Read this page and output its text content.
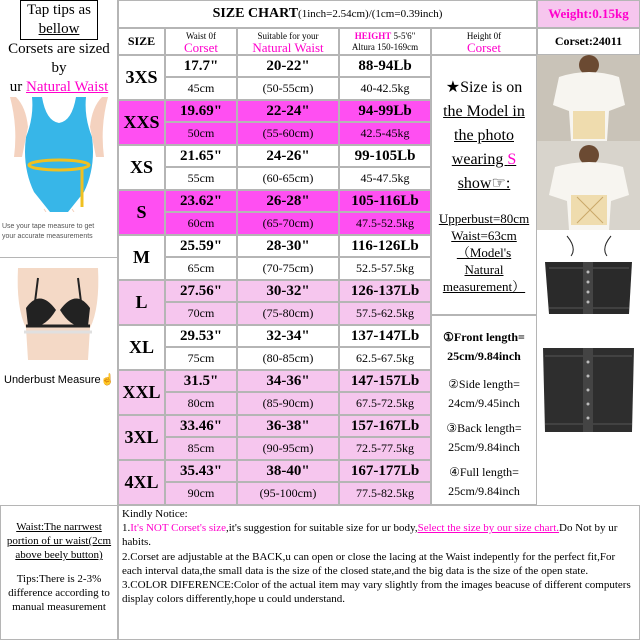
Tap tips as
bellow
Corsets are sized
by
ur Natural Waist
Use your tape measure to get
your accurate measurements
Underbust Measure☝
SIZE CHART(1inch=2.54cm)/(1cm=0.39inch)	Weight:0.15kg
Corset:24011
SIZE	Waist 0f
Corset
Suitable for your
Natural Waist
HEIGHT 5-5'6"
Altura 150-169cm
Height 0f
Corset
3XS
17.7"
45cm
20-22"
(50-55cm)
88-94Lb
40-42.5kg
XXS
19.69"
50cm
22-24"
(55-60cm)
94-99Lb
42.5-45kg
XS
21.65"
55cm
24-26"
(60-65cm)
99-105Lb
45-47.5kg
S
23.62"
60cm
26-28"
(65-70cm)
105-116Lb
47.5-52.5kg
M
25.59"
65cm
28-30"
(70-75cm)
116-126Lb
52.5-57.5kg
L
27.56"
70cm
30-32"
(75-80cm)
126-137Lb
57.5-62.5kg
XL
29.53"
75cm
32-34"
(80-85cm)
137-147Lb
62.5-67.5kg
XXL
31.5"
80cm
34-36"
(85-90cm)
147-157Lb
67.5-72.5kg
3XL
33.46"
85cm
36-38"
(90-95cm)
157-167Lb
72.5-77.5kg
4XL
35.43"
90cm
38-40"
(95-100cm)
167-177Lb
77.5-82.5kg
★Size is on
the Model in
the photo
wearing S
show☞:
Upperbust=80cm
Waist=63cm
（Model's
Natural
measurement）
①Front length=
25cm/9.84inch
②Side length=
24cm/9.45inch
③Back length=
25cm/9.84inch
④Full length=
25cm/9.84inch
Waist:The narrwest
portion of ur waist(2cm
above beely button)
Tips:There is 2-3% difference according to manual measurement
Kindly Notice:
1.It's NOT Corset's size,it's suggestion for suitable size for ur body,Select the size by our size chart.Do Not by ur habits.
2.Corset are adjustable at the BACK,u can open or close the lacing at the Waist indepently for the perfect fit,For each interval data,the small data is the size of the closed state,and the big data is the size of the open state.
3.COLOR DIFERENCE:Color of the actual item may vary slightly from the images beacuse of different computers display colors differently,hope u could understand.
